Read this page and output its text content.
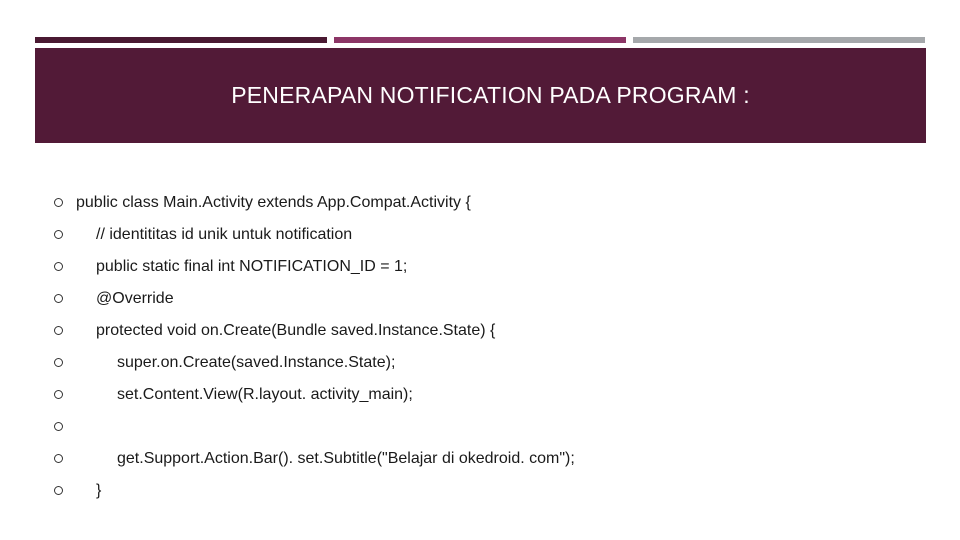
PENERAPAN NOTIFICATION PADA PROGRAM :
public class Main.Activity extends App.Compat.Activity {
// identititas id unik untuk notification
public static final int NOTIFICATION_ID = 1;
@Override
protected void on.Create(Bundle saved.Instance.State) {
super.on.Create(saved.Instance.State);
set.Content.View(R.layout. activity_main);
get.Support.Action.Bar(). set.Subtitle("Belajar di okedroid. com");
}
